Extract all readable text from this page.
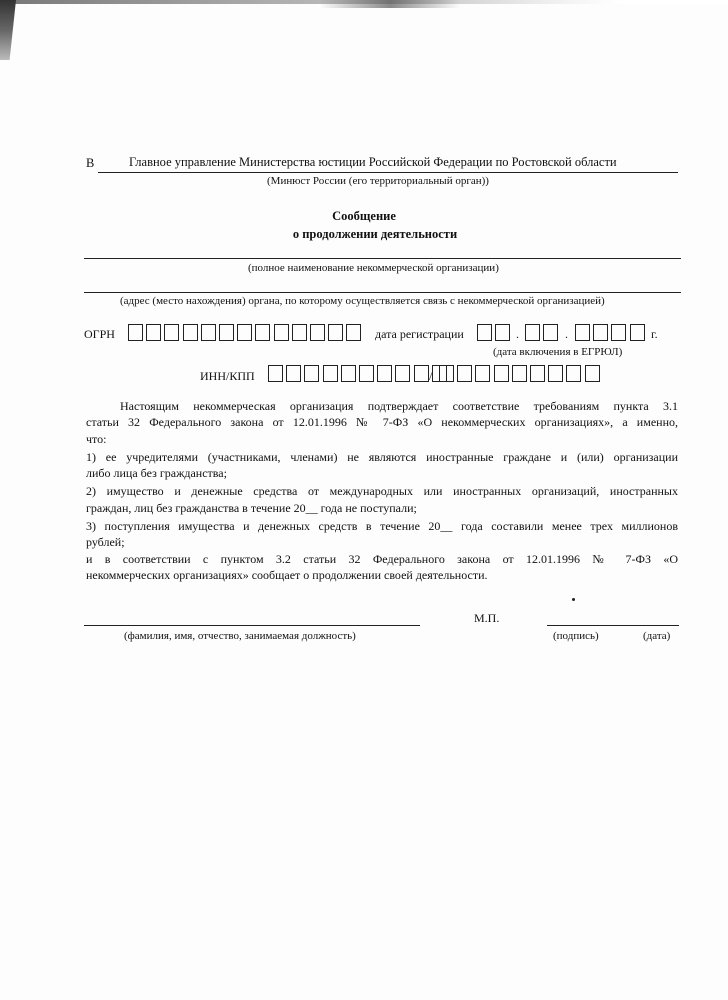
В	Главное управление Министерства юстиции Российской Федерации по Ростовской области
(Минюст России (его территориальный орган))
Сообщение
о продолжении деятельности
(полное наименование некоммерческой организации)
(адрес (место нахождения) органа, по которому осуществляется связь с некоммерческой организацией)
ОГРН	дата регистрации	.	.	г.
(дата включения в ЕГРЮЛ)
ИНН/КПП	/
Настоящим некоммерческая организация подтверждает соответствие требованиям пункта 3.1
статьи 32 Федерального закона от 12.01.1996 № 7-ФЗ «О некоммерческих организациях», а именно,
что:
1) ее учредителями (участниками, членами) не являются иностранные граждане и (или) организации
либо лица без гражданства;
2) имущество и денежные средства от международных или иностранных организаций, иностранных
граждан, лиц без гражданства в течение 20__ года не поступали;
3) поступления имущества и денежных средств в течение 20__ года составили менее трех миллионов
рублей;
и в соответствии с пунктом 3.2 статьи 32 Федерального закона от 12.01.1996 № 7-ФЗ «О
некоммерческих организациях» сообщает о продолжении своей деятельности.
М.П.
(фамилия, имя, отчество, занимаемая должность)	(подпись)	(дата)
